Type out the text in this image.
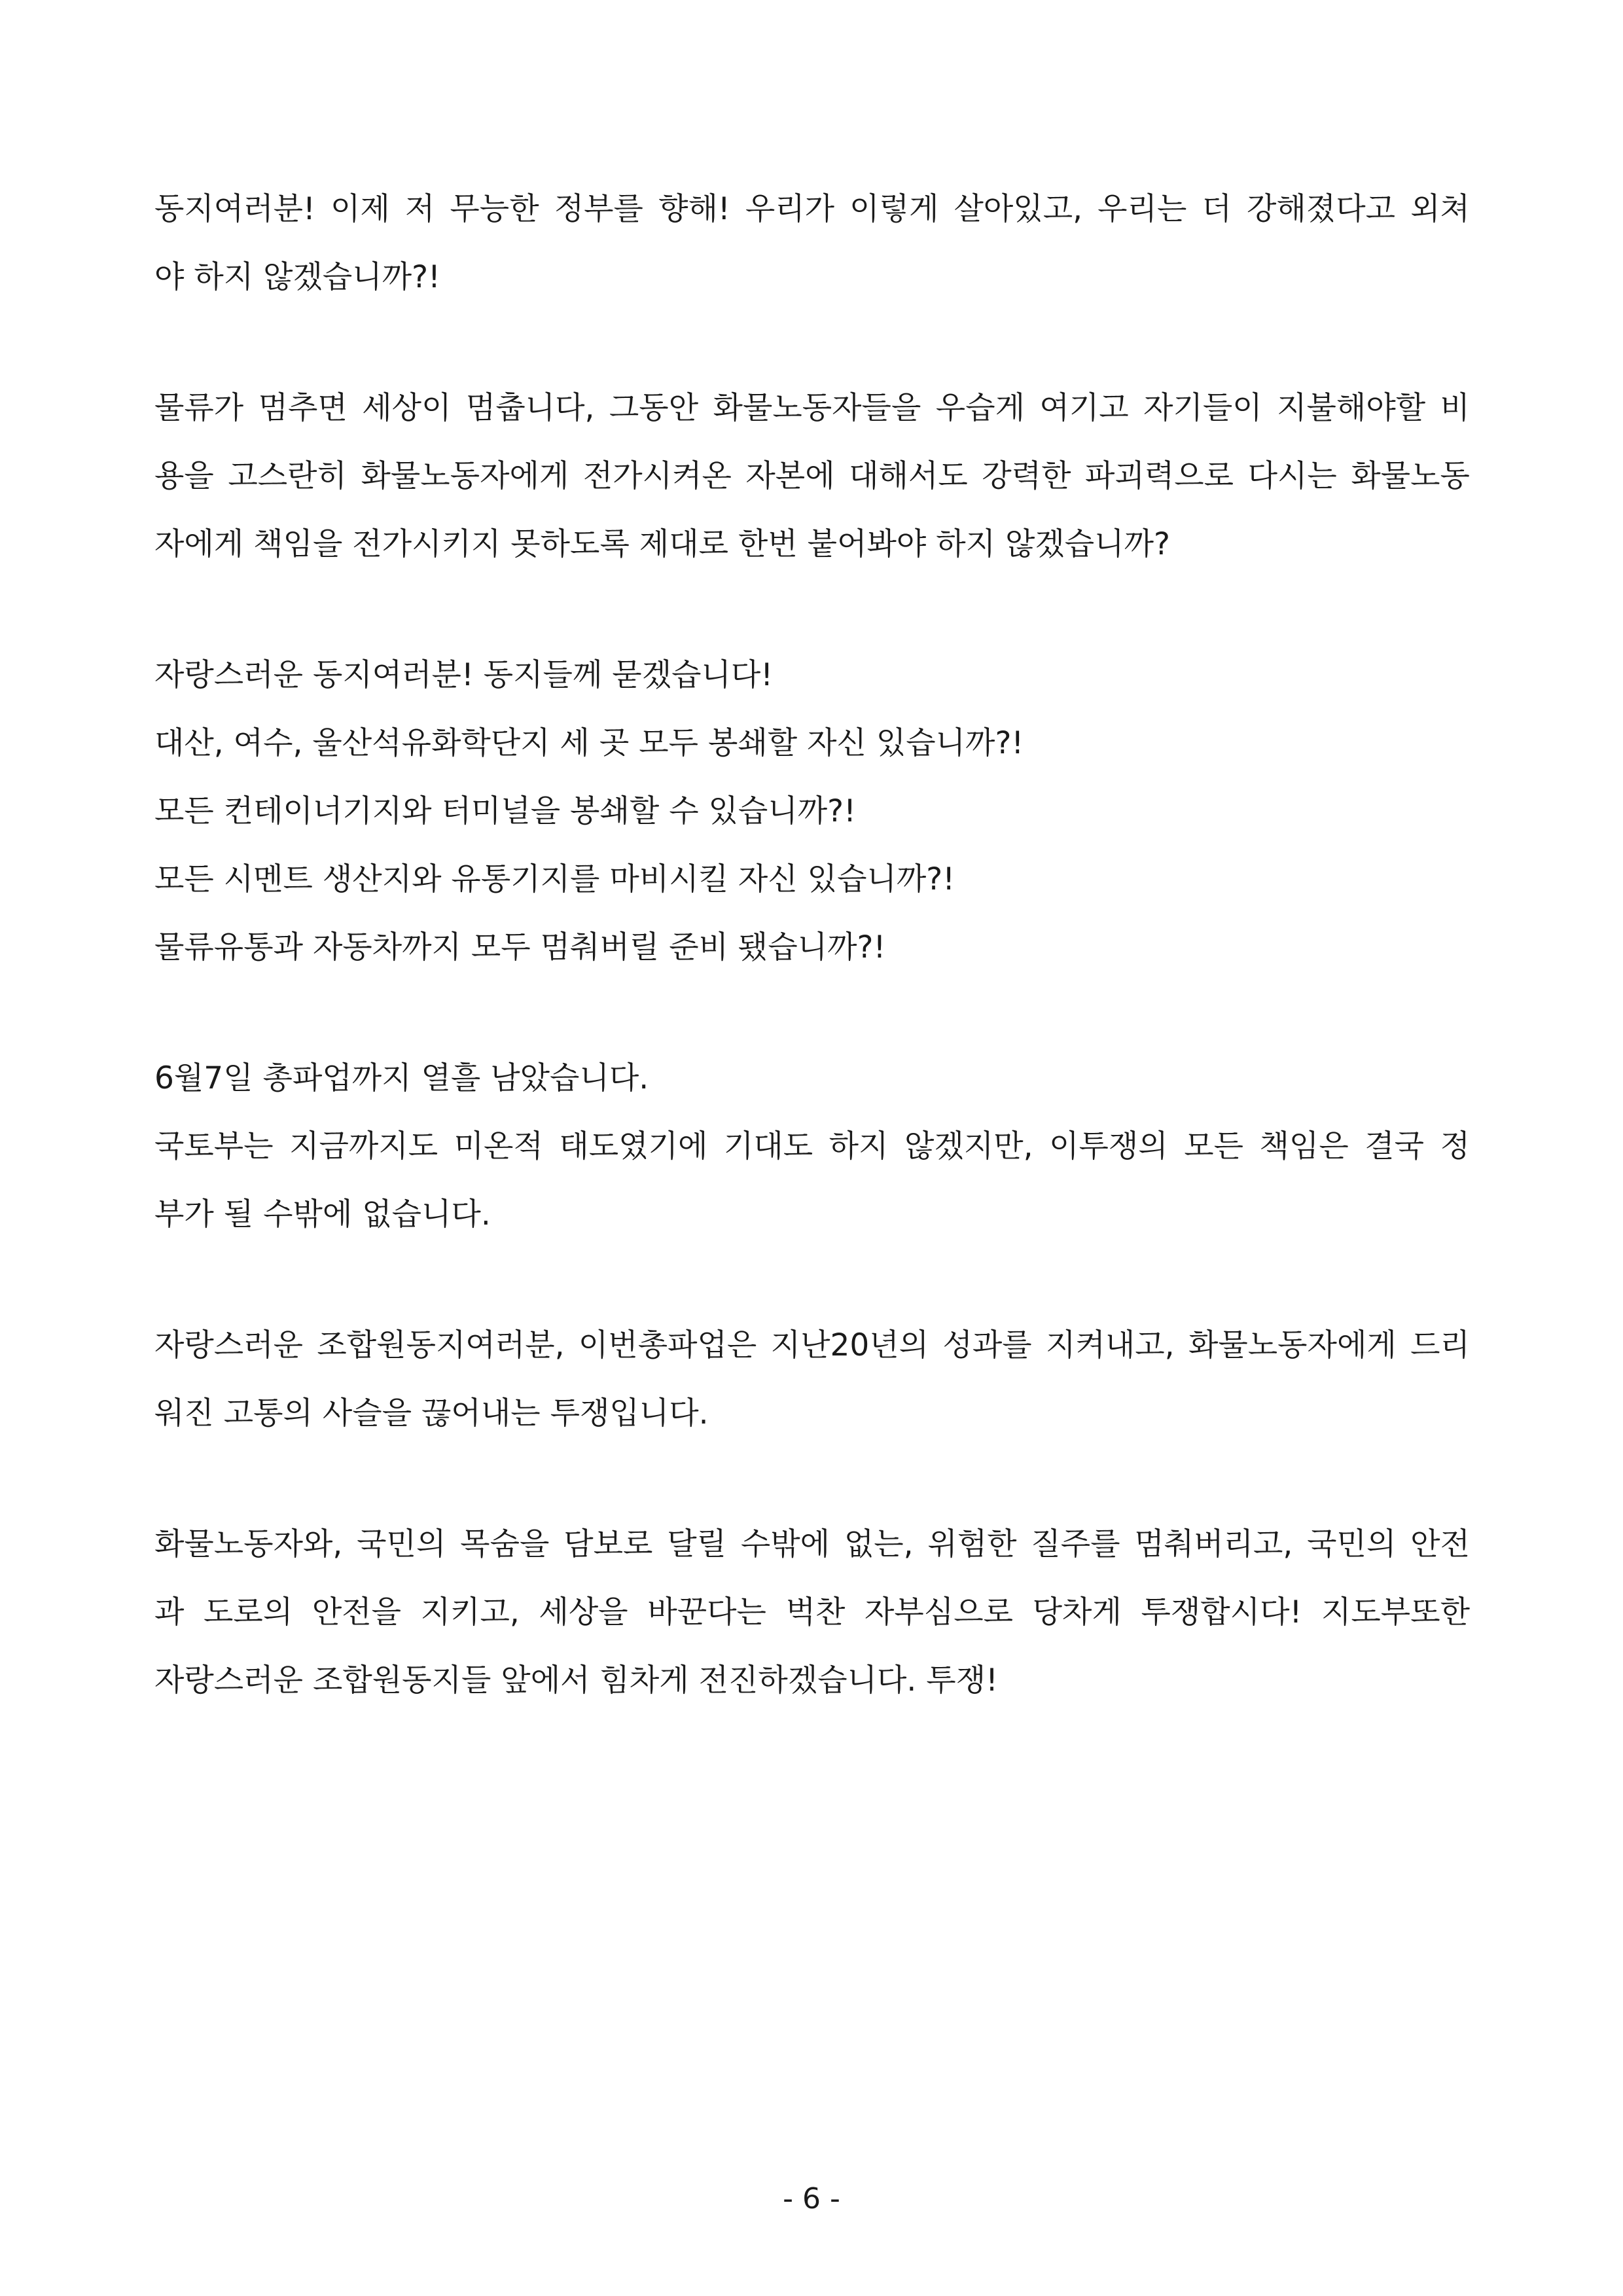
동지여러분! 이제 저 무능한 정부를 향해! 우리가 이렇게 살아있고, 우리는 더 강해졌다고 외쳐
야 하지 않겠습니까?!
물류가 멈추면 세상이 멈춥니다, 그동안 화물노동자들을 우습게 여기고 자기들이 지불해야할 비
용을 고스란히 화물노동자에게 전가시켜온 자본에 대해서도 강력한 파괴력으로 다시는 화물노동
자에게 책임을 전가시키지 못하도록 제대로 한번 붙어봐야 하지 않겠습니까?
자랑스러운 동지여러분! 동지들께 묻겠습니다!
대산, 여수, 울산석유화학단지 세 곳 모두 봉쇄할 자신 있습니까?!
모든 컨테이너기지와 터미널을 봉쇄할 수 있습니까?!
모든 시멘트 생산지와 유통기지를 마비시킬 자신 있습니까?!
물류유통과 자동차까지 모두 멈춰버릴 준비 됐습니까?!
6월7일 총파업까지 열흘 남았습니다.
국토부는 지금까지도 미온적 태도였기에 기대도 하지 않겠지만, 이투쟁의 모든 책임은 결국 정
부가 될 수밖에 없습니다.
자랑스러운 조합원동지여러분, 이번총파업은 지난20년의 성과를 지켜내고, 화물노동자에게 드리
워진 고통의 사슬을 끊어내는 투쟁입니다.
화물노동자와, 국민의 목숨을 담보로 달릴 수밖에 없는, 위험한 질주를 멈춰버리고, 국민의 안전
과 도로의 안전을 지키고, 세상을 바꾼다는 벅찬 자부심으로 당차게 투쟁합시다! 지도부또한
자랑스러운 조합원동지들 앞에서 힘차게 전진하겠습니다. 투쟁!
- 6 -
